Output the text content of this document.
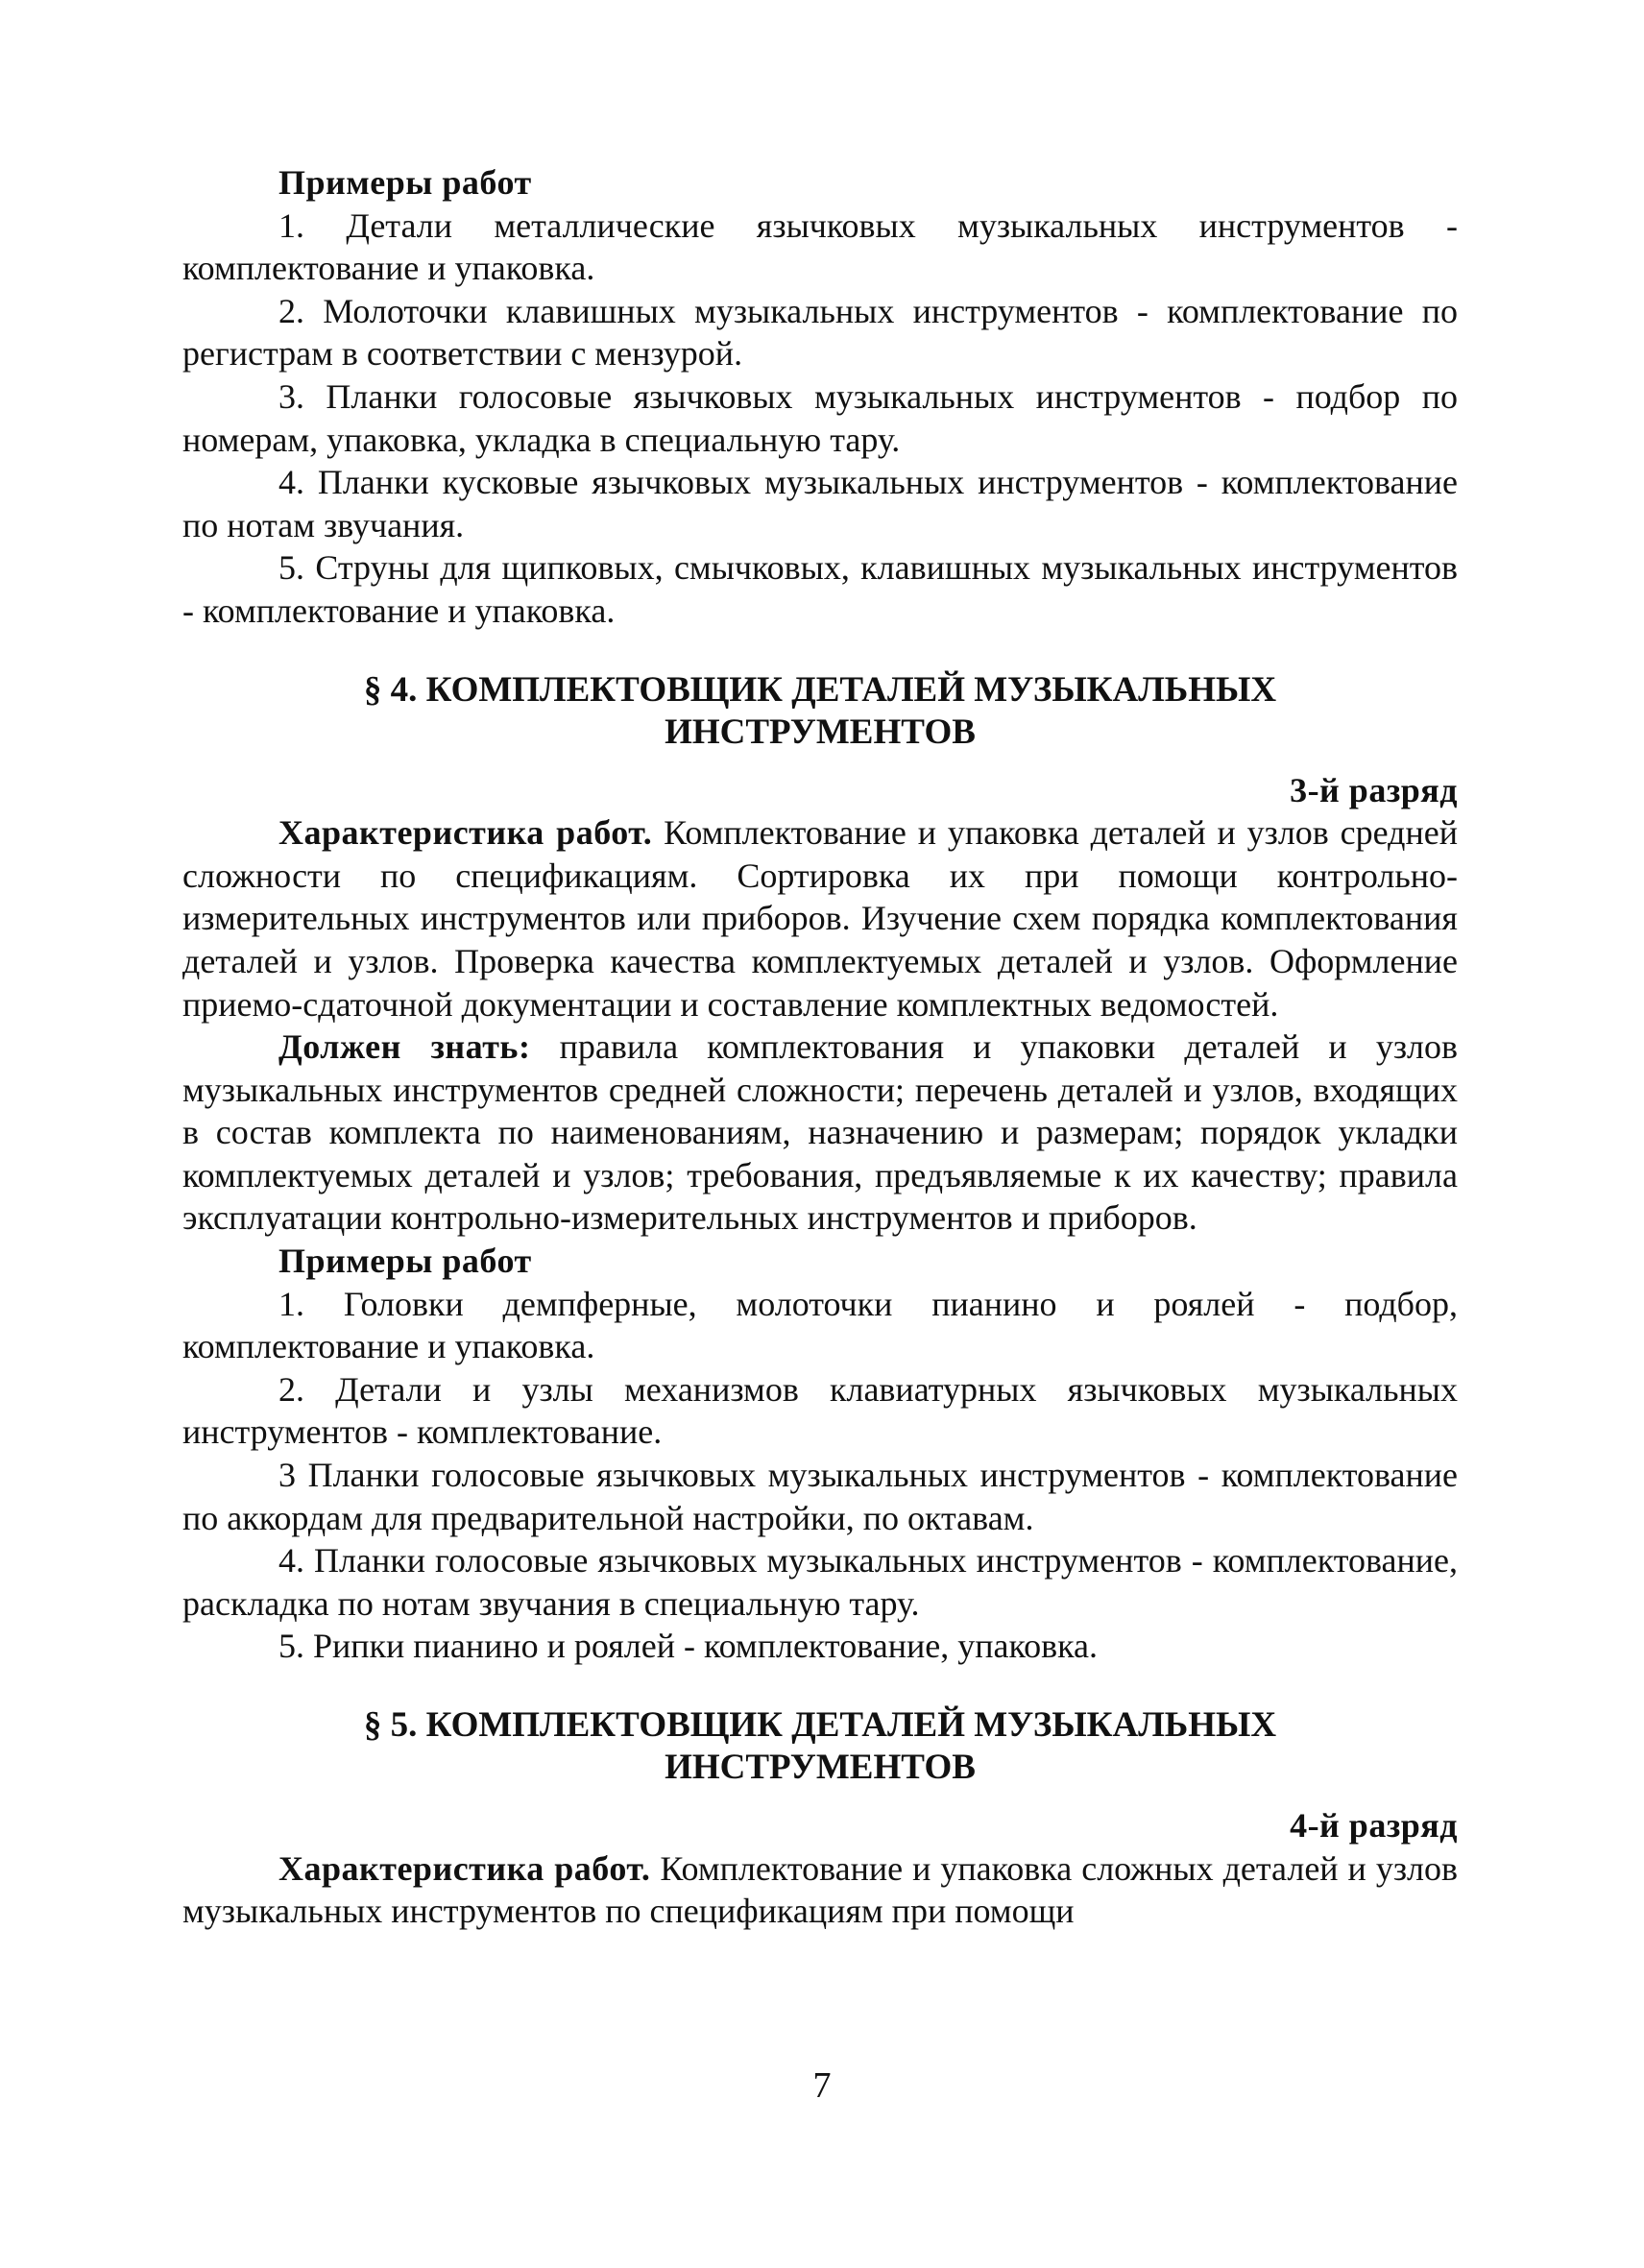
Примеры работ

1. Детали металлические язычковых музыкальных инструментов - комплектование и упаковка.

2. Молоточки клавишных музыкальных инструментов - комплектование по регистрам в соответствии с мензурой.

3. Планки голосовые язычковых музыкальных инструментов - подбор по номерам, упаковка, укладка в специальную тару.

4. Планки кусковые язычковых музыкальных инструментов - комплектование по нотам звучания.

5. Струны для щипковых, смычковых, клавишных музыкальных инструментов - комплектование и упаковка.

§ 4. КОМПЛЕКТОВЩИК ДЕТАЛЕЙ МУЗЫКАЛЬНЫХ
ИНСТРУМЕНТОВ
3-й разряд

Характеристика работ. Комплектование и упаковка деталей и узлов средней сложности по спецификациям. Сортировка их при помощи контрольно-измерительных инструментов или приборов. Изучение схем порядка комплектования деталей и узлов. Проверка качества комплектуемых деталей и узлов. Оформление приемо-сдаточной документации и составление комплектных ведомостей.

Должен знать: правила комплектования и упаковки деталей и узлов музыкальных инструментов средней сложности; перечень деталей и узлов, входящих в состав комплекта по наименованиям, назначению и размерам; порядок укладки комплектуемых деталей и узлов; требования, предъявляемые к их качеству; правила эксплуатации контрольно-измерительных инструментов и приборов.

Примеры работ

1. Головки демпферные, молоточки пианино и роялей - подбор, комплектование и упаковка.

2. Детали и узлы механизмов клавиатурных язычковых музыкальных инструментов - комплектование.

3 Планки голосовые язычковых музыкальных инструментов - комплектование по аккордам для предварительной настройки, по октавам.

4. Планки голосовые язычковых музыкальных инструментов - комплектование, раскладка по нотам звучания в специальную тару.

5. Рипки пианино и роялей - комплектование, упаковка.

§ 5. КОМПЛЕКТОВЩИК ДЕТАЛЕЙ МУЗЫКАЛЬНЫХ
ИНСТРУМЕНТОВ
4-й разряд

Характеристика работ. Комплектование и упаковка сложных деталей и узлов музыкальных инструментов по спецификациям при помощи

7
